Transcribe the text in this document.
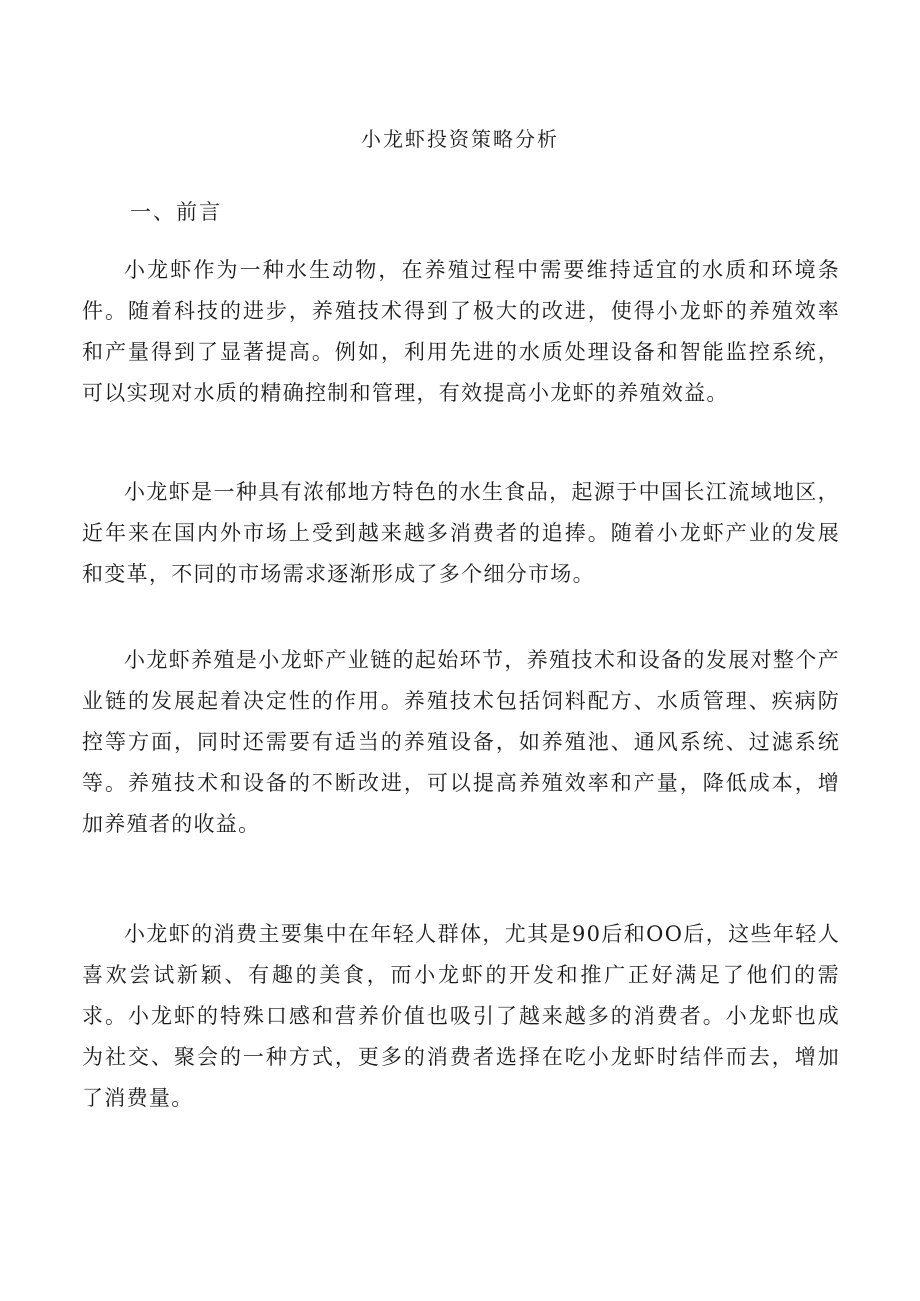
小龙虾投资策略分析
一、前言

小龙虾作为一种水生动物，在养殖过程中需要维持适宜的水质和环境条件。随着科技的进步，养殖技术得到了极大的改进，使得小龙虾的养殖效率和产量得到了显著提高。例如，利用先进的水质处理设备和智能监控系统，可以实现对水质的精确控制和管理，有效提高小龙虾的养殖效益。

小龙虾是一种具有浓郁地方特色的水生食品，起源于中国长江流域地区，近年来在国内外市场上受到越来越多消费者的追捧。随着小龙虾产业的发展和变革，不同的市场需求逐渐形成了多个细分市场。

小龙虾养殖是小龙虾产业链的起始环节，养殖技术和设备的发展对整个产业链的发展起着决定性的作用。养殖技术包括饲料配方、水质管理、疾病防控等方面，同时还需要有适当的养殖设备，如养殖池、通风系统、过滤系统等。养殖技术和设备的不断改进，可以提高养殖效率和产量，降低成本，增加养殖者的收益。

小龙虾的消费主要集中在年轻人群体，尤其是90后和OO后，这些年轻人喜欢尝试新颖、有趣的美食，而小龙虾的开发和推广正好满足了他们的需求。小龙虾的特殊口感和营养价值也吸引了越来越多的消费者。小龙虾也成为社交、聚会的一种方式，更多的消费者选择在吃小龙虾时结伴而去，增加了消费量。
